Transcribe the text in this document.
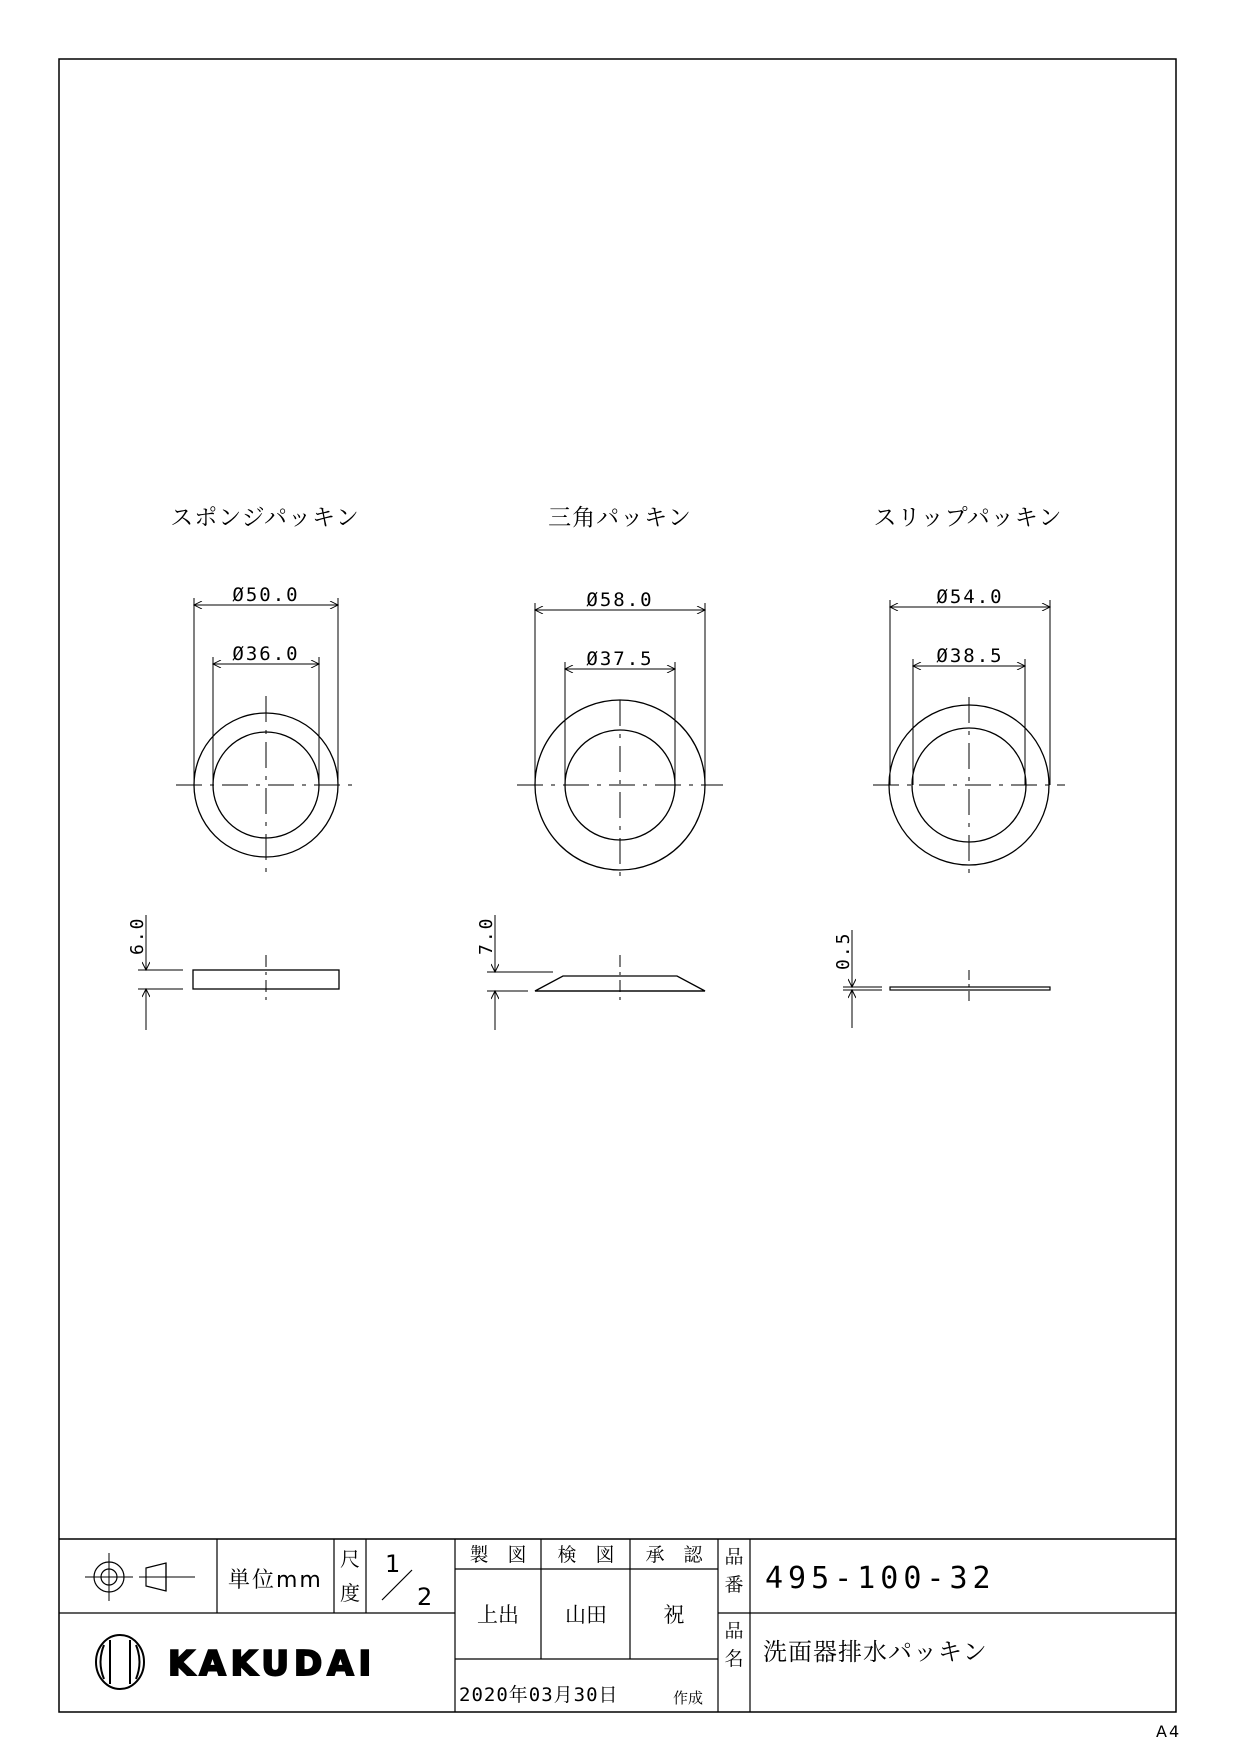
スポンジパッキン
Ø50.0
Ø36.0
6.0
三角パッキン
Ø58.0
Ø37.5
7.0
スリップパッキン
Ø54.0
Ø38.5
0.5
単位mm
尺
度
1
2
製　図 検　図 承　認
上出 山田	祝
2020年03月30日	作成
品
番 495-100-32
品
名 洗面器排水パッキン
KAKUDAI
A4
